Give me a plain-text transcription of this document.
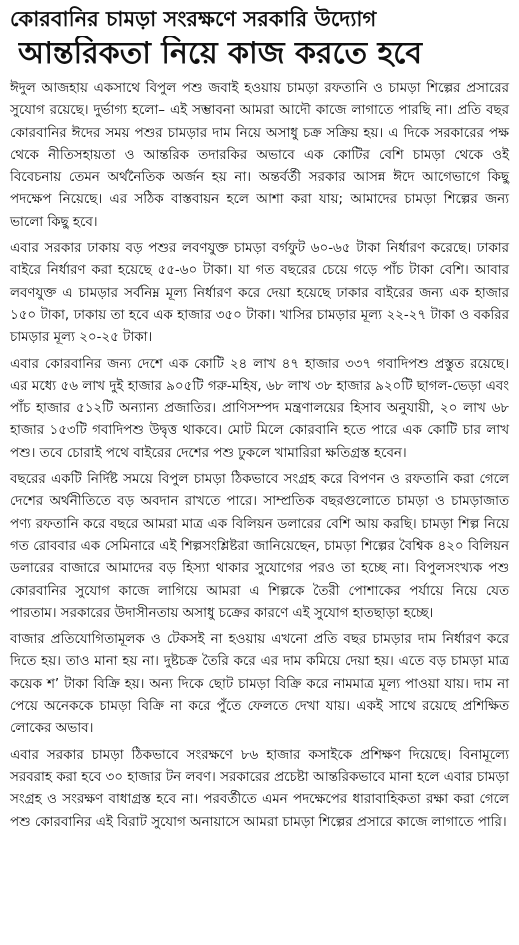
কোরবানির চামড়া সংরক্ষণে সরকারি উদ্যোগ
আন্তরিকতা নিয়ে কাজ করতে হবে

ঈদুল আজহায় একসাথে বিপুল পশু জবাই হওয়ায় চামড়া রফতানি ও চামড়া শিল্পের প্রসারের সুযোগ রয়েছে। দুর্ভাগ্য হলো– এই সম্ভাবনা আমরা আদৌ কাজে লাগাতে পারছি না। প্রতি বছর কোরবানির ঈদের সময় পশুর চামড়ার দাম নিয়ে অসাধু চক্র সক্রিয় হয়। এ দিকে সরকারের পক্ষ থেকে নীতিসহায়তা ও আন্তরিক তদারকির অভাবে এক কোটির বেশি চামড়া থেকে ওই বিবেচনায় তেমন অর্থনৈতিক অর্জন হয় না। অন্তর্বর্তী সরকার আসন্ন ঈদে আগেভাগে কিছু পদক্ষেপ নিয়েছে। এর সঠিক বাস্তবায়ন হলে আশা করা যায়; আমাদের চামড়া শিল্পের জন্য ভালো কিছু হবে।

এবার সরকার ঢাকায় বড় পশুর লবণযুক্ত চামড়া বর্গফুট ৬০-৬৫ টাকা নির্ধারণ করেছে। ঢাকার বাইরে নির্ধারণ করা হয়েছে ৫৫-৬০ টাকা। যা গত বছরের চেয়ে গড়ে পাঁচ টাকা বেশি। আবার লবণযুক্ত এ চামড়ার সর্বনিম্ন মূল্য নির্ধারণ করে দেয়া হয়েছে ঢাকার বাইরের জন্য এক হাজার ১৫০ টাকা, ঢাকায় তা হবে এক হাজার ৩৫০ টাকা। খাসির চামড়ার মূল্য ২২-২৭ টাকা ও বকরির চামড়ার মূল্য ২০-২৫ টাকা।

এবার কোরবানির জন্য দেশে এক কোটি ২৪ লাখ ৪৭ হাজার ৩৩৭ গবাদিপশু প্রস্তুত রয়েছে। এর মধ্যে ৫৬ লাখ দুই হাজার ৯০৫টি গরু-মহিষ, ৬৮ লাখ ৩৮ হাজার ৯২০টি ছাগল-ভেড়া এবং পাঁচ হাজার ৫১২টি অন্যান্য প্রজাতির। প্রাণিসম্পদ মন্ত্রণালয়ের হিসাব অনুযায়ী, ২০ লাখ ৬৮ হাজার ১৫৩টি গবাদিপশু উদ্বৃত্ত থাকবে। মোট মিলে কোরবানি হতে পারে এক কোটি চার লাখ পশু। তবে চোরাই পথে বাইরের দেশের পশু ঢুকলে খামারিরা ক্ষতিগ্রস্ত হবেন।

বছরের একটি নির্দিষ্ট সময়ে বিপুল চামড়া ঠিকভাবে সংগ্রহ করে বিপণন ও রফতানি করা গেলে দেশের অর্থনীতিতে বড় অবদান রাখতে পারে। সাম্প্রতিক বছরগুলোতে চামড়া ও চামড়াজাত পণ্য রফতানি করে বছরে আমরা মাত্র এক বিলিয়ন ডলারের বেশি আয় করছি। চামড়া শিল্প নিয়ে গত রোববার এক সেমিনারে এই শিল্পসংশ্লিষ্টরা জানিয়েছেন, চামড়া শিল্পের বৈশ্বিক ৪২০ বিলিয়ন ডলারের বাজারে আমাদের বড় হিস্যা থাকার সুযোগের পরও তা হচ্ছে না। বিপুলসংখ্যক পশু কোরবানির সুযোগ কাজে লাগিয়ে আমরা এ শিল্পকে তৈরী পোশাকের পর্যায়ে নিয়ে যেত পারতাম। সরকারের উদাসীনতায় অসাধু চক্রের কারণে এই সুযোগ হাতছাড়া হচ্ছে।

বাজার প্রতিযোগিতামূলক ও টেকসই না হওয়ায় এখনো প্রতি বছর চামড়ার দাম নির্ধারণ করে দিতে হয়। তাও মানা হয় না। দুষ্টচক্র তৈরি করে এর দাম কমিয়ে দেয়া হয়। এতে বড় চামড়া মাত্র কয়েক শ’ টাকা বিক্রি হয়। অন্য দিকে ছোট চামড়া বিক্রি করে নামমাত্র মূল্য পাওয়া যায়। দাম না পেয়ে অনেককে চামড়া বিক্রি না করে পুঁতে ফেলতে দেখা যায়। একই সাথে রয়েছে প্রশিক্ষিত লোকের অভাব।

এবার সরকার চামড়া ঠিকভাবে সংরক্ষণে ৮৬ হাজার কসাইকে প্রশিক্ষণ দিয়েছে। বিনামূল্যে সরবরাহ করা হবে ৩০ হাজার টন লবণ। সরকারের প্রচেষ্টা আন্তরিকভাবে মানা হলে এবার চামড়া সংগ্রহ ও সংরক্ষণ বাধাগ্রস্ত হবে না। পরবর্তীতে এমন পদক্ষেপের ধারাবাহিকতা রক্ষা করা গেলে পশু কোরবানির এই বিরাট সুযোগ অনায়াসে আমরা চামড়া শিল্পের প্রসারে কাজে লাগাতে পারি।
